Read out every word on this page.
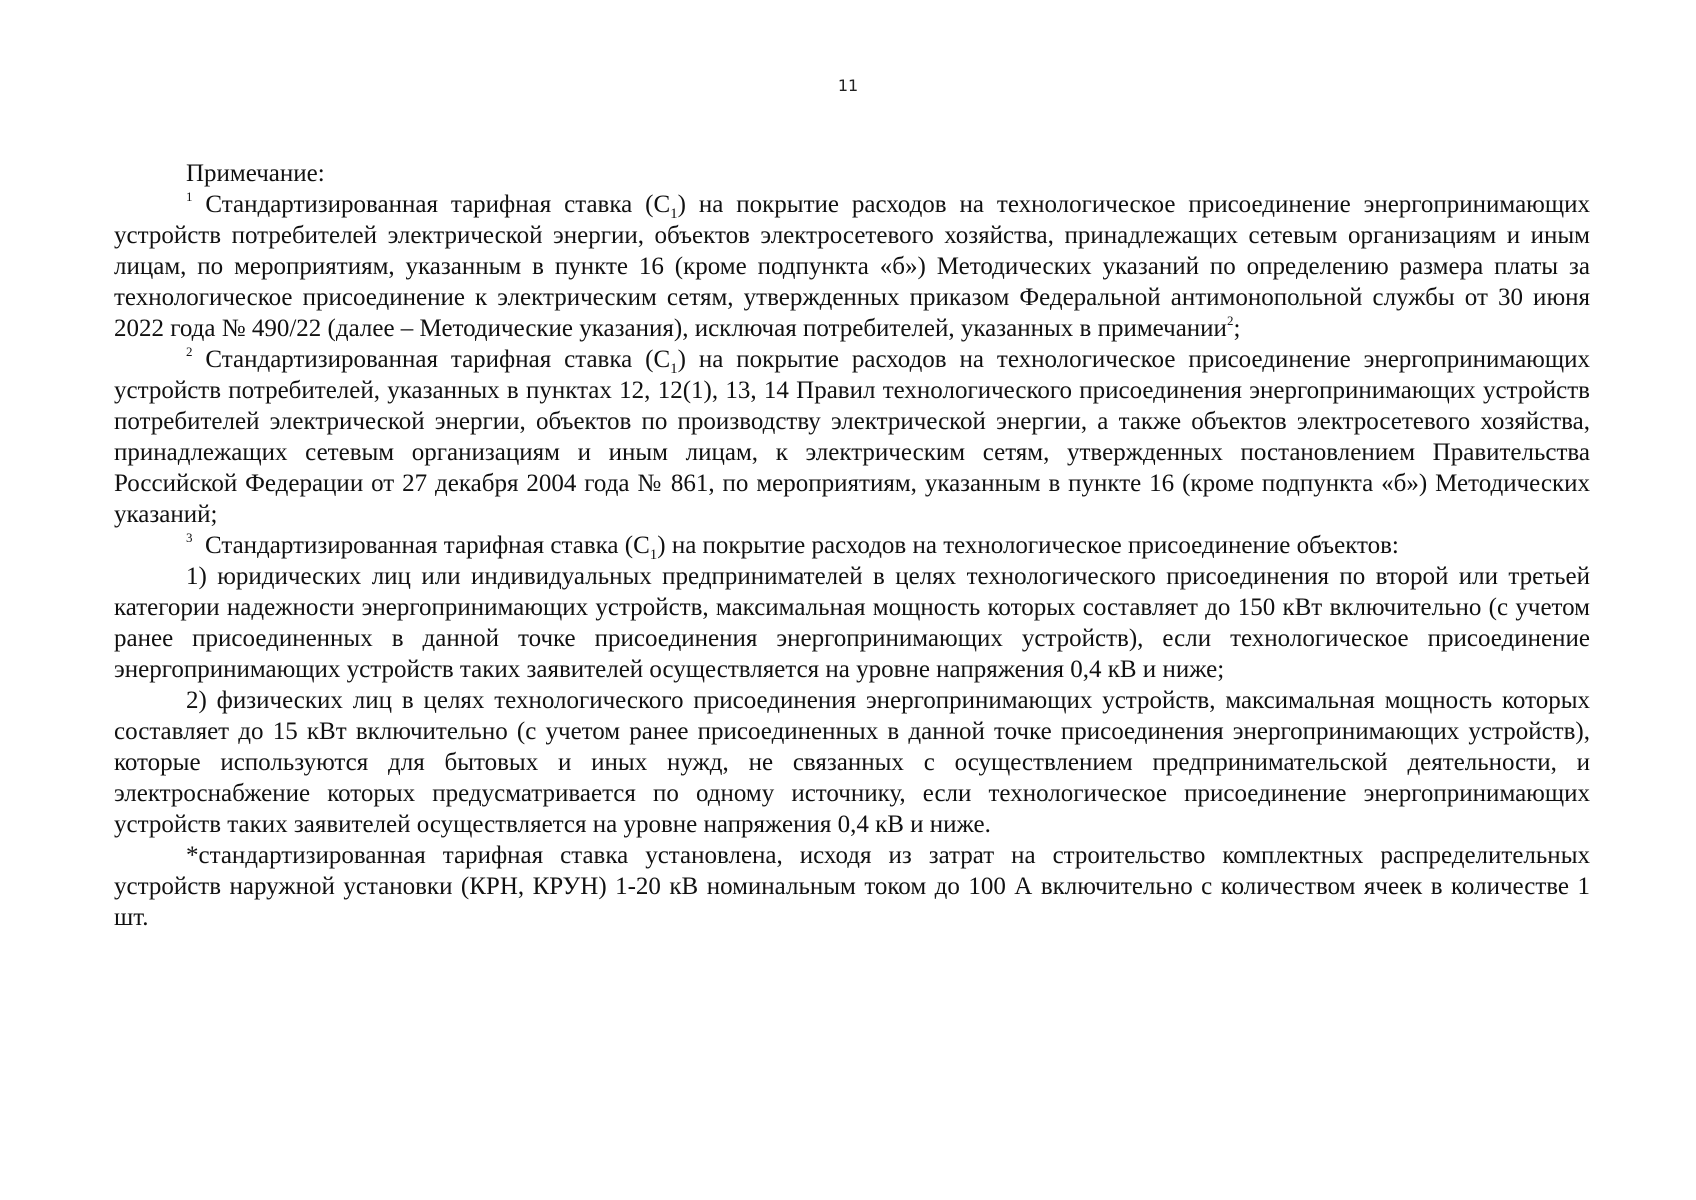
11

Примечание:

$^1$ Стандартизированная тарифная ставка $(С_1)$ на покрытие расходов на технологическое присоединение энергопринимающих устройств потребителей электрической энергии, объектов электросетевого хозяйства, принадлежащих сетевым организациям и иным лицам, по мероприятиям, указанным в пункте 16 (кроме подпункта «б») Методических указаний по определению размера платы за технологическое присоединение к электрическим сетям, утвержденных приказом Федеральной антимонопольной службы от 30 июня 2022 года № 490/22 (далее – Методические указания), исключая потребителей, указанных в примечании$^2$;

$^2$ Стандартизированная тарифная ставка $(С_1)$ на покрытие расходов на технологическое присоединение энергопринимающих устройств потребителей, указанных в пунктах 12, 12(1), 13, 14 Правил технологического присоединения энергопринимающих устройств потребителей электрической энергии, объектов по производству электрической энергии, а также объектов электросетевого хозяйства, принадлежащих сетевым организациям и иным лицам, к электрическим сетям, утвержденных постановлением Правительства Российской Федерации от 27 декабря 2004 года № 861, по мероприятиям, указанным в пункте 16 (кроме подпункта «б») Методических указаний;

$^3$ Стандартизированная тарифная ставка $(С_1)$ на покрытие расходов на технологическое присоединение объектов:

1) юридических лиц или индивидуальных предпринимателей в целях технологического присоединения по второй или третьей категории надежности энергопринимающих устройств, максимальная мощность которых составляет до 150 кВт включительно (с учетом ранее присоединенных в данной точке присоединения энергопринимающих устройств), если технологическое присоединение энергопринимающих устройств таких заявителей осуществляется на уровне напряжения 0,4 кВ и ниже;

2) физических лиц в целях технологического присоединения энергопринимающих устройств, максимальная мощность которых составляет до 15 кВт включительно (с учетом ранее присоединенных в данной точке присоединения энергопринимающих устройств), которые используются для бытовых и иных нужд, не связанных с осуществлением предпринимательской деятельности, и электроснабжение которых предусматривается по одному источнику, если технологическое присоединение энергопринимающих устройств таких заявителей осуществляется на уровне напряжения 0,4 кВ и ниже.

*стандартизированная тарифная ставка установлена, исходя из затрат на строительство комплектных распределительных устройств наружной установки (КРН, КРУН) 1-20 кВ номинальным током до 100 А включительно с количеством ячеек в количестве 1 шт.
